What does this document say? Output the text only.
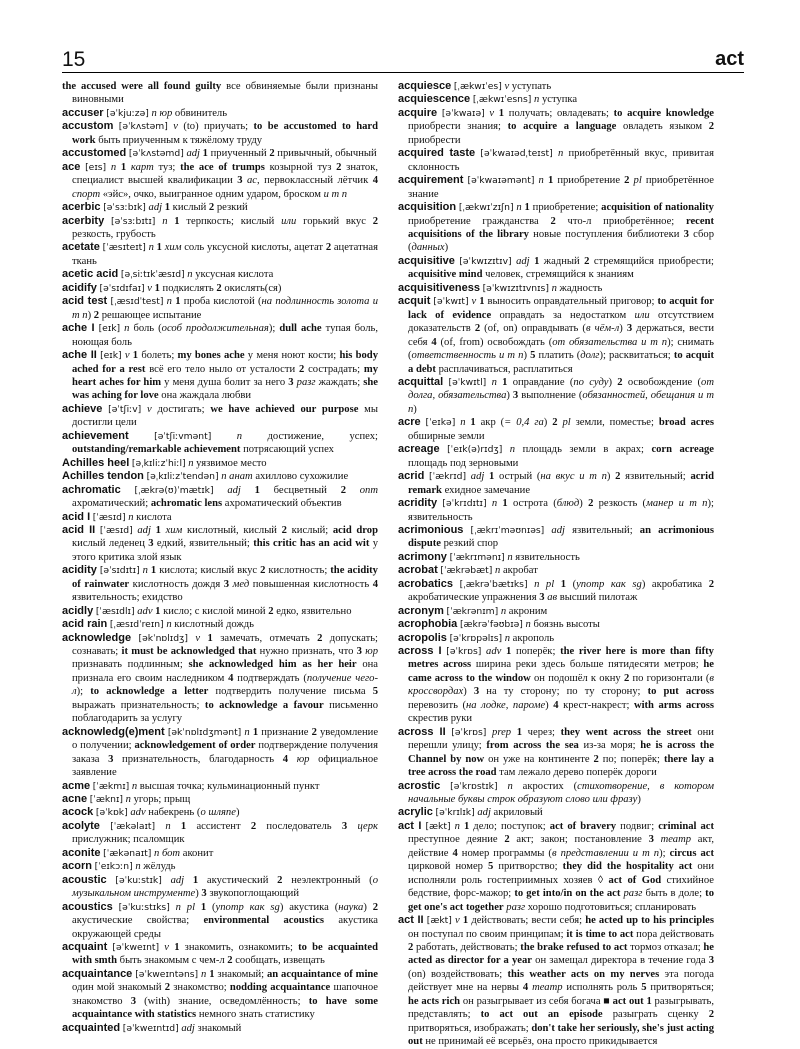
15	act

the accused were all found guilty все обвиняемые были признаны виновными

accuser [əˈkjuːzə] n юр обвинитель

accustom [əˈkʌstəm] v (to) приучать; to be accustomed to hard work быть приученным к тяжёлому труду

accustomed [əˈkʌstəmd] adj 1 приученный 2 привычный, обычный

ace [eɪs] n 1 карт туз; the ace of trumps козырной туз 2 знаток, специалист высшей квалификации 3 ас, первоклассный лётчик 4 спорт «эйс», очко, выигранное одним ударом, броском и т п

acerbic [əˈsɜːbɪk] adj 1 кислый 2 резкий

acerbity [əˈsɜːbɪtɪ] n 1 терпкость; кислый или горький вкус 2 резкость, грубость

acetate [ˈæsɪteɪt] n 1 хим соль уксусной кислоты, ацетат 2 ацетатная ткань

acetic acid [əˌsiːtɪkˈæsɪd] n уксусная кислота

acidify [əˈsɪdɪfaɪ] v 1 подкислять 2 окислять(ся)

acid test [ˌæsɪdˈtest] n 1 проба кислотой (на подлинность золота и т п) 2 решающее испытание

ache I [eɪk] n боль (особ продолжительная); dull ache тупая боль, ноющая боль

ache II [eɪk] v 1 болеть; my bones ache у меня ноют кости; his body ached for a rest всё его тело ныло от усталости 2 сострадать; my heart aches for him у меня душа болит за него 3 разг жаждать; she was aching for love она жаждала любви

achieve [əˈtʃiːv] v достигать; we have achieved our purpose мы достигли цели

achievement	[əˈtʃiːvmənt] n достижение, успех; outstanding/remarkable achievement потрясающий успех

Achilles heel [əˌkɪliːzˈhiːl] n уязвимое место

Achilles tendon [əˌkɪliːzˈtendən] n анат ахиллово сухожилие

achromatic [ˌækrə(ʊ)ˈmætɪk] adj 1 бесцветный 2 опт ахроматический; achromatic lens ахроматический объектив

acid I [ˈæsɪd] n кислота

acid II [ˈæsɪd] adj 1 хим кислотный, кислый 2 кислый; acid drop кислый леденец 3 едкий, язвительный; this critic has an acid wit у этого критика злой язык

acidity [əˈsɪdɪtɪ] n 1 кислота; кислый вкус 2 кислотность; the acidity of rainwater кислотность дождя 3 мед повышенная кислотность 4 язвительность; ехидство

acidly [ˈæsɪdlɪ] adv 1 кисло; с кислой миной 2 едко, язвительно

acid rain [ˌæsɪdˈreɪn] n кислотный дождь

acknowledge [əkˈnɒlɪdʒ] v 1 замечать, отмечать 2 допускать; сознавать; it must be acknowledged that нужно признать, что 3 юр признавать подлинным; she acknowledged him as her heir она признала его своим наследником 4 подтверждать (получение чего-л); to acknowledge a letter подтвердить получение письма 5 выражать признательность; to acknowledge a favour письменно поблагодарить за услугу

acknowledg(e)ment [əkˈnɒlɪdʒmənt] n 1 признание 2 уведомление о получении; acknowledgement of order подтверждение получения заказа 3 признательность, благодарность 4 юр официальное заявление

acme [ˈækmɪ] n высшая точка; кульминационный пункт

acne [ˈæknɪ] n угорь; прыщ

acock [əˈkɒk] adv набекрень (о шляпе)

acolyte [ˈækəlaɪt] n 1 ассистент 2 последователь 3 церк прислужник; псаломщик

aconite [ˈækənaɪt] n бот аконит

acorn [ˈeɪkɔːn] n жёлудь

acoustic [əˈkuːstɪk] adj 1 акустический 2 неэлектронный (о музыкальном инструменте) 3 звукопоглощающий

acoustics [əˈkuːstɪks] n pl 1 (употр как sg) акустика (наука) 2 акустические свойства; environmental acoustics акустика окружающей среды

acquaint [əˈkweɪnt] v 1 знакомить, ознакомить; to be acquainted with smth быть знакомым с чем-л 2 сообщать, извещать

acquaintance [əˈkweɪntəns] n 1 знакомый; an acquaintance of mine один мой знакомый 2 знакомство; nodding acquaintance шапочное знакомство 3 (with) знание, осведомлённость; to have some acquaintance with statistics немного знать статистику

acquainted [əˈkweɪntɪd] adj знакомый

acquiesce [ˌækwɪˈes] v уступать

acquiescence [ˌækwɪˈesns] n уступка

acquire [əˈkwaɪə] v 1 получать; овладевать; to acquire knowledge приобрести знания; to acquire a language овладеть языком 2 приобрести

acquired taste [əˈkwaɪədˌteɪst] n приобретённый вкус, привитая склонность

acquirement [əˈkwaɪəmənt] n 1 приобретение 2 pl приобретённое знание

acquisition [ˌækwɪˈzɪʃn] n 1 приобретение; acquisition of nationality приобретение гражданства 2 что-л приобретённое; recent acquisitions of the library новые поступления библиотеки 3 сбор (данных)

acquisitive [əˈkwɪzɪtɪv] adj 1 жадный 2 стремящийся приобрести; acquisitive mind человек, стремящийся к знаниям

acquisitiveness [əˈkwɪzɪtɪvnɪs] n жадность

acquit [əˈkwɪt] v 1 выносить оправдательный приговор; to acquit for lack of evidence оправдать за недостатком или отсутствием доказательств 2 (of, on) оправдывать (в чём-л) 3 держаться, вести себя 4 (of, from) освобождать (от обязательства и т п); снимать (ответственность и т п) 5 платить (долг); расквитаться; to acquit a debt расплачиваться, расплатиться

acquittal [əˈkwɪtl] n 1 оправдание (по суду) 2 освобождение (от долга, обязательства) 3 выполнение (обязанностей, обещания и т п)

acre [ˈeɪkə] n 1 акр (= 0,4 га) 2 pl земли, поместье; broad acres обширные земли

acreage [ˈeɪk(ə)rɪdʒ] n площадь земли в акрах; corn acreage площадь под зерновыми

acrid [ˈækrɪd] adj 1 острый (на вкус и т п) 2 язвительный; acrid remark ехидное замечание

acridity [əˈkrɪdɪtɪ] n 1 острота (блюд) 2 резкость (манер и т п); язвительность

acrimonious [ˌækrɪˈməʊnɪəs] adj язвительный; an acrimonious dispute резкий спор

acrimony [ˈækrɪmənɪ] n язвительность

acrobat [ˈækrəbæt] n акробат

acrobatics [ˌækrəˈbætɪks] n pl 1 (употр как sg) акробатика 2 акробатические упражнения 3 ав высший пилотаж

acronym [ˈækrənɪm] n акроним

acrophobia [ækrəˈfəʊbɪə] n боязнь высоты

acropolis [əˈkrɒpəlɪs] n акрополь

across I [əˈkrɒs] adv 1 поперёк; the river here is more than fifty metres across ширина реки здесь больше пятидесяти метров; he came across to the window он подошёл к окну 2 по горизонтали (в кроссвордах) 3 на ту сторону; по ту сторону; to put across перевозить (на лодке, пароме) 4 крест-накрест; with arms across скрестив руки

across II [əˈkrɒs] prep 1 через; they went across the street они перешли улицу; from across the sea из-за моря; he is across the Channel by now он уже на континенте 2 по; поперёк; there lay a tree across the road там лежало дерево поперёк дороги

acrostic [əˈkrɒstɪk] n акростих (стихотворение, в котором начальные буквы строк образуют слово или фразу)

acrylic [əˈkrɪlɪk] adj акриловый

act I [ækt] n 1 дело; поступок; act of bravery подвиг; criminal act преступное деяние 2 акт; закон; постановление 3 театр акт, действие 4 номер программы (в представлении и т п); circus act цирковой номер 5 притворство; they did the hospitality act они исполняли роль гостеприимных хозяев ◊ act of God стихийное бедствие, форс-мажор; to get into/in on the act разг быть в доле; to get one's act together разг хорошо подготовиться; спланировать

act II [ækt] v 1 действовать; вести себя; he acted up to his principles он поступал по своим принципам; it is time to act пора действовать 2 работать, действовать; the brake refused to act тормоз отказал; he acted as director for a year он замещал директора в течение года 3 (on) воздействовать; this weather acts on my nerves эта погода действует мне на нервы 4 театр исполнять роль 5 притворяться; he acts rich он разыгрывает из себя богача ■ act out 1 разыгрывать, представлять; to act out an episode разыграть сценку 2 притворяться, изображать; don't take her seriously, she's just acting out не принимай её всерьёз, она просто прикидывается
